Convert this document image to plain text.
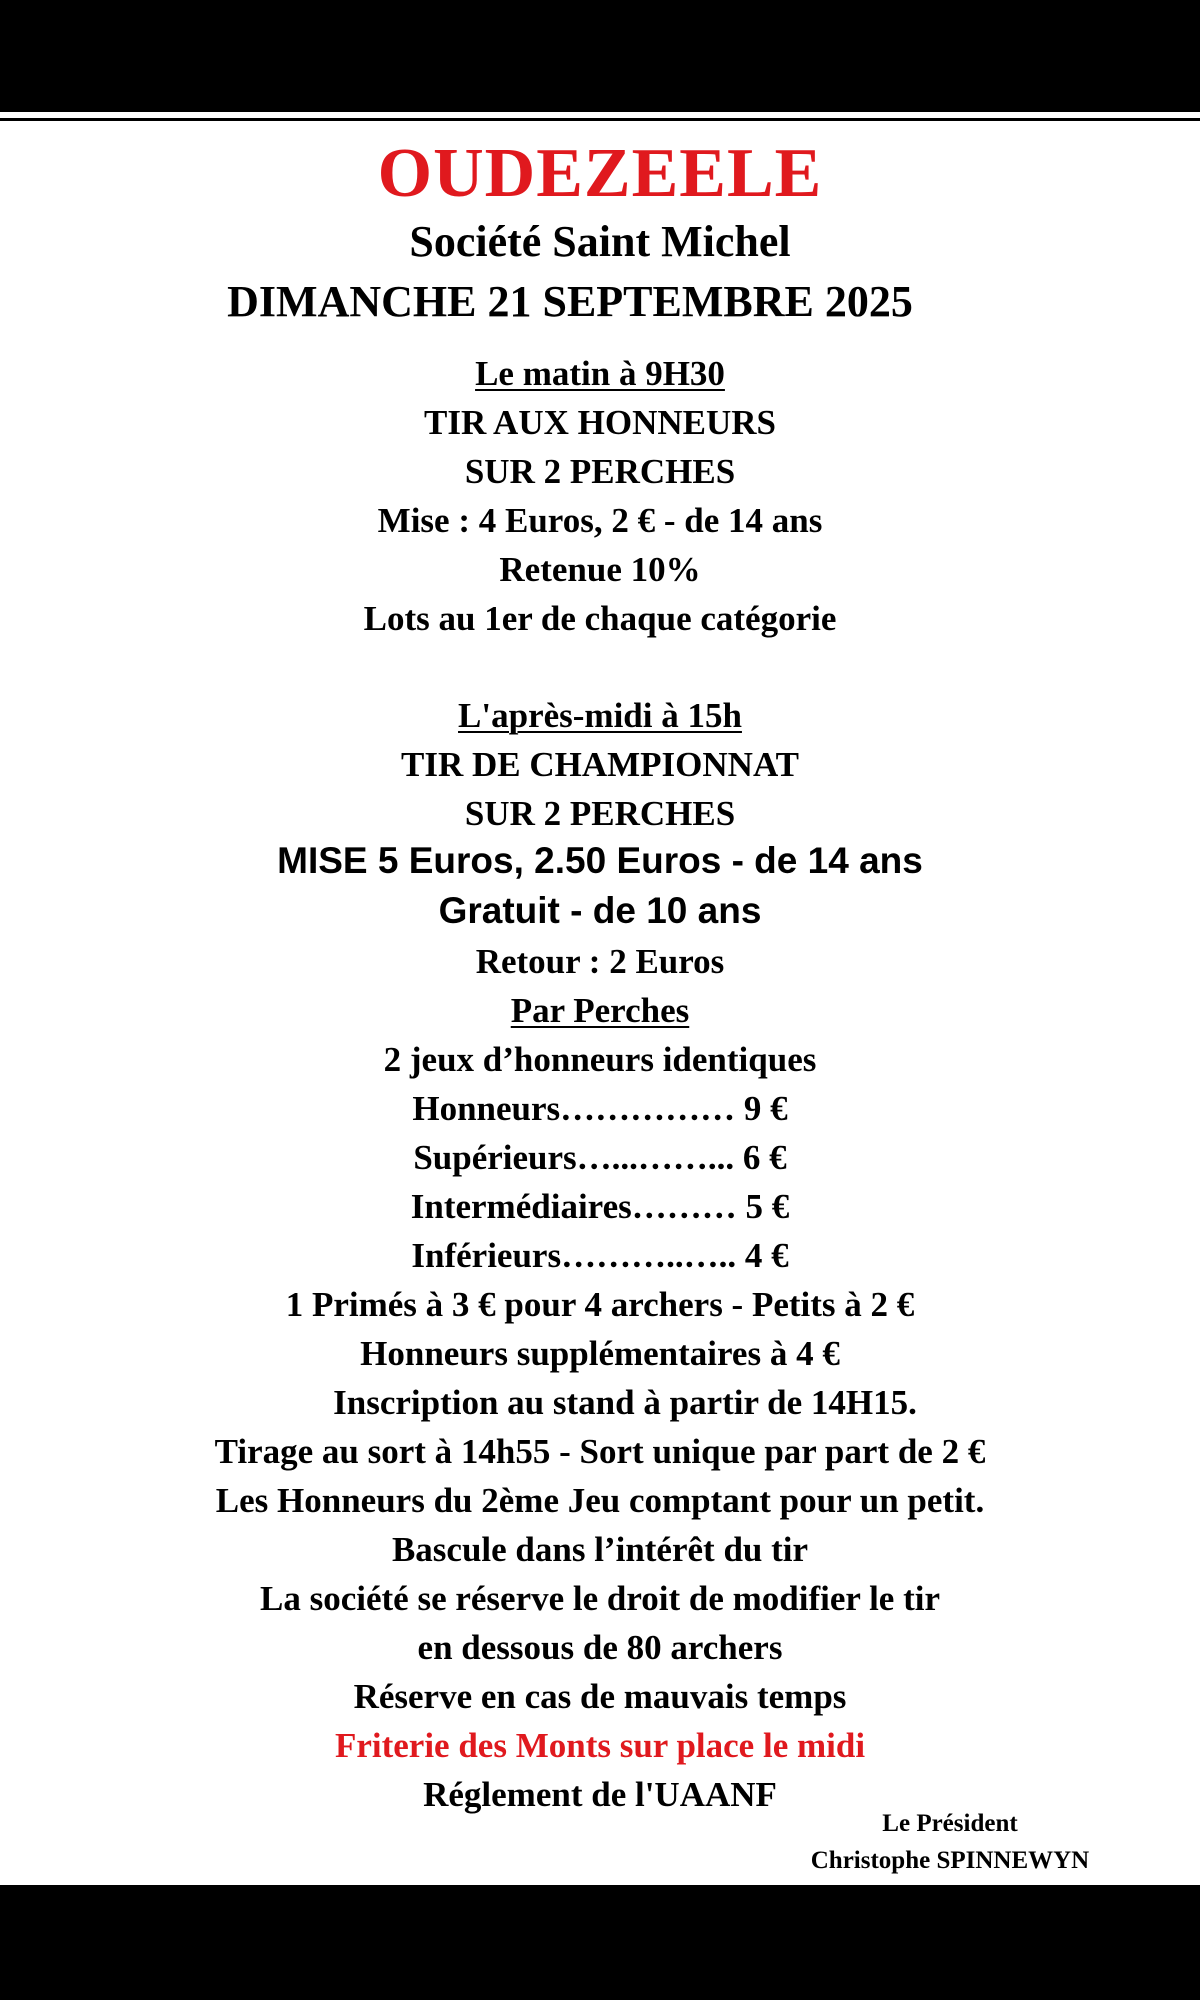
OUDEZEELE
Société Saint Michel
DIMANCHE 21 SEPTEMBRE 2025
Le matin à 9H30
TIR AUX HONNEURS
SUR 2 PERCHES
Mise : 4 Euros, 2 € - de 14 ans
Retenue 10%
Lots au 1er de chaque catégorie
L'après-midi à 15h
TIR DE CHAMPIONNAT
SUR 2 PERCHES
MISE 5 Euros, 2.50 Euros - de 14 ans
Gratuit - de 10 ans
Retour : 2 Euros
Par Perches
2 jeux d’honneurs identiques
Honneurs…………… 9 €
Supérieurs…...……... 6 €
Intermédiaires……… 5 €
Inférieurs………..….. 4 €
1 Primés à 3 € pour 4 archers - Petits à 2 €
Honneurs supplémentaires à 4 €
Inscription au stand à partir de 14H15.
Tirage au sort à 14h55 - Sort unique par part de 2 €
Les Honneurs du 2ème Jeu comptant pour un petit.
Bascule dans l’intérêt du tir
La société se réserve le droit de modifier le tir
en dessous de 80 archers
Réserve en cas de mauvais temps
Friterie des Monts sur place le midi
Réglement de l'UAANF
Le Président
Christophe SPINNEWYN
